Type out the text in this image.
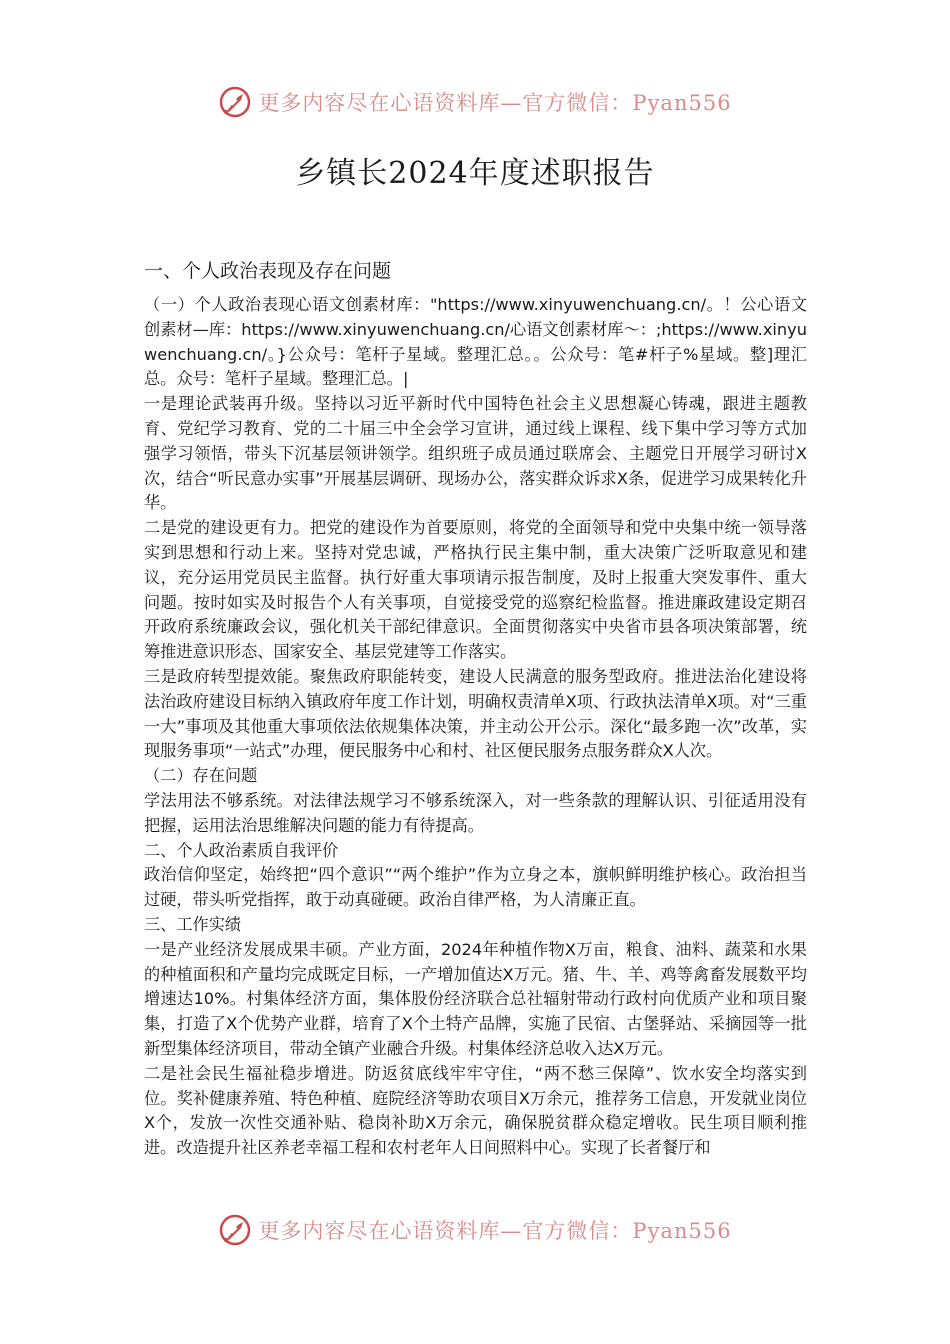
更多内容尽在心语资料库—官方微信：Pyan556
乡镇长2024年度述职报告
一、个人政治表现及存在问题

（一）个人政治表现心语文创素材库："https://www.xinyuwenchuang.cn/。！公心语文创素材—库：https://www.xinyuwenchuang.cn/心语文创素材库～：;https://www.xinyuwenchuang.cn/。}公众号：笔杆子星域。整理汇总。。公众号：笔#杆子%星域。整]理汇总。众号：笔杆子星域。整理汇总。|

一是理论武装再升级。坚持以习近平新时代中国特色社会主义思想凝心铸魂，跟进主题教育、党纪学习教育、党的二十届三中全会学习宣讲，通过线上课程、线下集中学习等方式加强学习领悟，带头下沉基层领讲领学。组织班子成员通过联席会、主题党日开展学习研讨X次，结合“听民意办实事”开展基层调研、现场办公，落实群众诉求X条，促进学习成果转化升华。

二是党的建设更有力。把党的建设作为首要原则，将党的全面领导和党中央集中统一领导落实到思想和行动上来。坚持对党忠诚，严格执行民主集中制，重大决策广泛听取意见和建议，充分运用党员民主监督。执行好重大事项请示报告制度，及时上报重大突发事件、重大问题。按时如实及时报告个人有关事项，自觉接受党的巡察纪检监督。推进廉政建设定期召开政府系统廉政会议，强化机关干部纪律意识。全面贯彻落实中央省市县各项决策部署，统筹推进意识形态、国家安全、基层党建等工作落实。

三是政府转型提效能。聚焦政府职能转变，建设人民满意的服务型政府。推进法治化建设将法治政府建设目标纳入镇政府年度工作计划，明确权责清单X项、行政执法清单X项。对“三重一大”事项及其他重大事项依法依规集体决策，并主动公开公示。深化“最多跑一次”改革，实现服务事项“一站式”办理，便民服务中心和村、社区便民服务点服务群众X人次。

（二）存在问题

学法用法不够系统。对法律法规学习不够系统深入，对一些条款的理解认识、引征适用没有把握，运用法治思维解决问题的能力有待提高。

二、个人政治素质自我评价

政治信仰坚定，始终把“四个意识”“两个维护”作为立身之本，旗帜鲜明维护核心。政治担当过硬，带头听党指挥，敢于动真碰硬。政治自律严格，为人清廉正直。

三、工作实绩

一是产业经济发展成果丰硕。产业方面，2024年种植作物X万亩，粮食、油料、蔬菜和水果的种植面积和产量均完成既定目标，一产增加值达X万元。猪、牛、羊、鸡等禽畜发展数平均增速达10%。村集体经济方面，集体股份经济联合总社辐射带动行政村向优质产业和项目聚集，打造了X个优势产业群，培育了X个土特产品牌，实施了民宿、古堡驿站、采摘园等一批新型集体经济项目，带动全镇产业融合升级。村集体经济总收入达X万元。

二是社会民生福祉稳步增进。防返贫底线牢牢守住，“两不愁三保障”、饮水安全均落实到位。奖补健康养殖、特色种植、庭院经济等助农项目X万余元，推荐务工信息，开发就业岗位X个，发放一次性交通补贴、稳岗补助X万余元，确保脱贫群众稳定增收。民生项目顺利推进。改造提升社区养老幸福工程和农村老年人日间照料中心。实现了长者餐厅和

更多内容尽在心语资料库—官方微信：Pyan556
